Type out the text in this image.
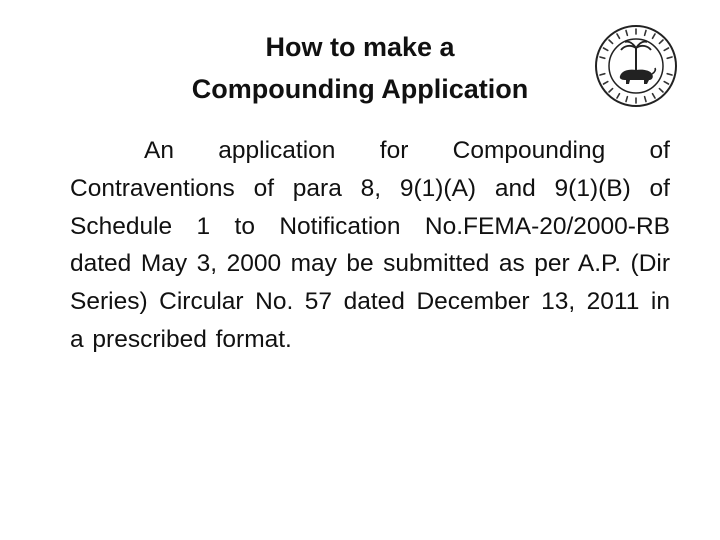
How to make a
Compounding Application
An application for Compounding of Contraventions of para 8, 9(1)(A) and 9(1)(B) of Schedule 1 to Notification No.FEMA-20/2000-RB dated May 3, 2000 may be submitted as per A.P. (Dir Series) Circular No. 57 dated December 13, 2011 in a prescribed format.
